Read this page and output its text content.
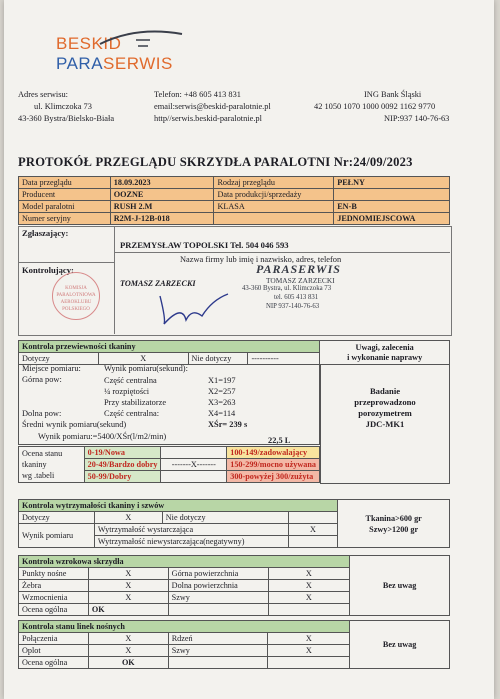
BESKID
PARASERWIS
Adres serwisu:
ul. Klimczoka 73
43-360 Bystra/Bielsko-Biała
Telefon: +48 605 413 831
email:serwis@beskid-paralotnie.pl
http//serwis.beskid-paralotnie.pl
ING Bank Śląski
42 1050 1070 1000 0092 1162 9770
NIP:937 140-76-63
PROTOKÓŁ PRZEGLĄDU SKRZYDŁA PARALOTNI Nr:24/09/2023
Data przeglądu	18.09.2023	Rodzaj przeglądu	PEŁNY
Producent	OOZNE	Data produkcji/sprzedaży	
Model paralotni	RUSH 2.M	KLASA	EN-B
Numer seryjny	R2M-J-12B-018		JEDNOMIEJSCOWA
Zgłaszający:
PRZEMYSŁAW TOPOLSKI Tel. 504 046 593
Nazwa firmy lub imię i nazwisko, adres, telefon
Kontrolujący:
TOMASZ ZARZECKI
KOMISJA PARALOTNIOWA AEROKLUBU POLSKIEGO
PARASERWIS
TOMASZ ZARZECKI
43-360 Bystra, ul. Klimczoka 73
tel. 605 413 831
NIP 937-140-76-63
Kontrola przewiewności tkaniny				Uwagi, zalecenia
i wykonanie naprawy
Dotyczy	X	Nie dotyczy	----------	
Miejsce pomiaru:	Wynik pomiaru(sekund):
Górna pow:	Część centralna	X1=197
¼ rozpiętości	X2=257
Przy stabilizatorze	X3=263
Dolna pow:	Część centralna:	X4=114
Średni wynik pomiaru(sekund)	XŚr= 239 s
Wynik pomiaru:=5400/XŚr(l/m2/min)	22,5 L
Ocena stanu
tkaniny
wg .tabeli	0-19/Nowa		100-149/zadowalający
	20-49/Bardzo dobry	-------X-------	150-299/mocno używana
	50-99/Dobry		300-powyżej 300/zużyta
Badanie
przeprowadzono
porozymetrem
JDC-MK1
Kontrola wytrzymałości tkaniny i szwów				Tkanina>600 gr
Szwy>1200 gr
Dotyczy	X	Nie dotyczy		
Wynik pomiaru	Wytrzymałość wystarczająca		X	
	Wytrzymałość niewystarczająca(negatywny)			
Kontrola wzrokowa skrzydła				Bez uwag
Punkty nośne	X	Górna powierzchnia	X	
Żebra	X	Dolna powierzchnia	X	
Wzmocnienia	X	Szwy	X	
Ocena ogólna	OK			
Kontrola stanu linek nośnych				Bez uwag
Połączenia	X	Rdzeń	X	
Oplot	X	Szwy	X	
Ocena ogólna	OK			
